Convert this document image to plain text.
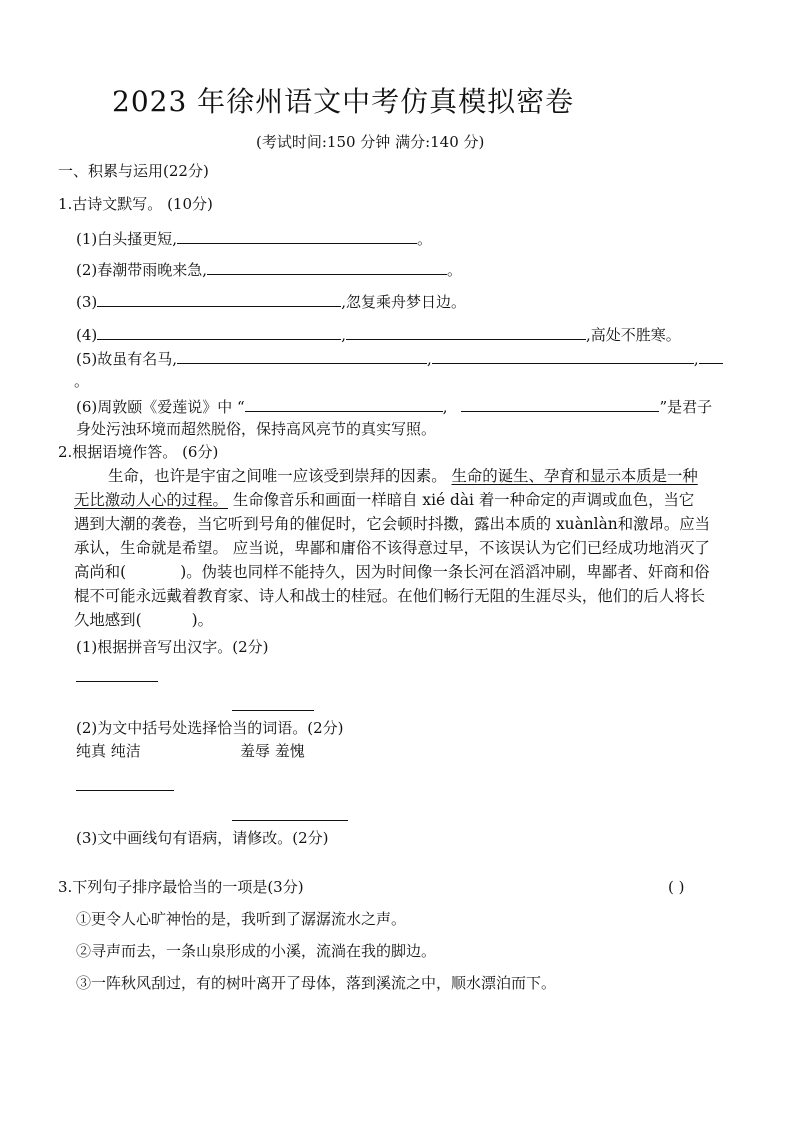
2023 年徐州语文中考仿真模拟密卷
(考试时间:150 分钟 满分:140 分)
一、积累与运用(22分)
1.古诗文默写。 (10分)
(1)白头搔更短,	。
(2)春潮带雨晚来急,	。
(3)	,忽复乘舟梦日边。
(4)	,	,高处不胜寒。
(5)故虽有名马,	,	,
。
(6)周敦颐《爱莲说》中 “	,	”是君子
身处污浊环境而超然脱俗，保持高风亮节的真实写照。
2.根据语境作答。 (6分)
生命，也许是宇宙之间唯一应该受到崇拜的因素。 生命的诞生、孕育和显示本质是一种
无比激动人心的过程。 生命像音乐和画面一样暗自 xié dài 着一种命定的声调或血色，当它
遇到大潮的袭卷，当它听到号角的催促时，它会顿时抖擞，露出本质的 xuànlàn和激昂。应当
承认，生命就是希望。 应当说，卑鄙和庸俗不该得意过早，不该误认为它们已经成功地消灭了
高尚和(	)。伪装也同样不能持久，因为时间像一条长河在滔滔冲刷，卑鄙者、奸商和俗
棍不可能永远戴着教育家、诗人和战士的桂冠。在他们畅行无阻的生涯尽头，他们的后人将长
久地感到(	)。
(1)根据拼音写出汉字。(2分)
(2)为文中括号处选择恰当的词语。(2分)
纯真 纯洁	羞辱 羞愧
(3)文中画线句有语病，请修改。(2分)
3.下列句子排序最恰当的一项是(3分)	( )
①更令人心旷神怡的是，我听到了潺潺流水之声。
②寻声而去，一条山泉形成的小溪，流淌在我的脚边。
③一阵秋风刮过，有的树叶离开了母体，落到溪流之中，顺水漂泊而下。
